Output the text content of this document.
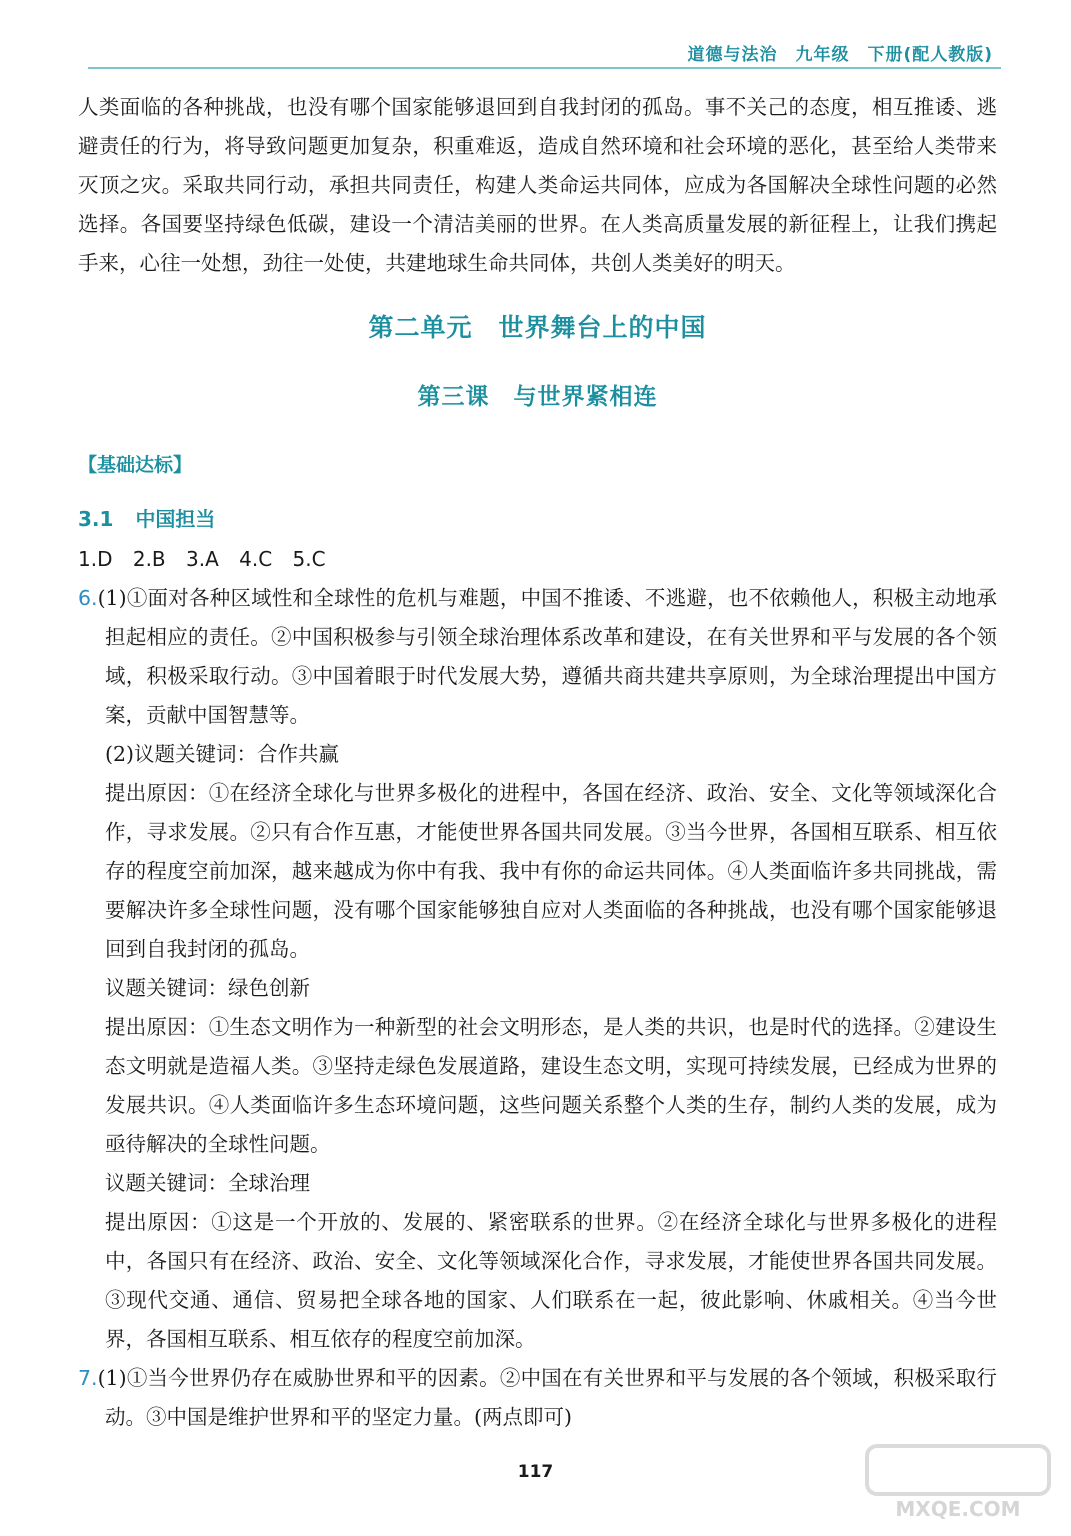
道德与法治　九年级　下册(配人教版)

人类面临的各种挑战，也没有哪个国家能够退回到自我封闭的孤岛。事不关己的态度，相互推诿、逃避责任的行为，将导致问题更加复杂，积重难返，造成自然环境和社会环境的恶化，甚至给人类带来灭顶之灾。采取共同行动，承担共同责任，构建人类命运共同体，应成为各国解决全球性问题的必然选择。各国要坚持绿色低碳，建设一个清洁美丽的世界。在人类高质量发展的新征程上，让我们携起手来，心往一处想，劲往一处使，共建地球生命共同体，共创人类美好的明天。

第二单元　世界舞台上的中国
第三课　与世界紧相连
【基础达标】
3.1 中国担当
1.D 2.B 3.A 4.C 5.C

6.(1)①面对各种区域性和全球性的危机与难题，中国不推诿、不逃避，也不依赖他人，积极主动地承担起相应的责任。②中国积极参与引领全球治理体系改革和建设，在有关世界和平与发展的各个领域，积极采取行动。③中国着眼于时代发展大势，遵循共商共建共享原则，为全球治理提出中国方案，贡献中国智慧等。

(2)议题关键词：合作共赢

提出原因：①在经济全球化与世界多极化的进程中，各国在经济、政治、安全、文化等领域深化合作，寻求发展。②只有合作互惠，才能使世界各国共同发展。③当今世界，各国相互联系、相互依存的程度空前加深，越来越成为你中有我、我中有你的命运共同体。④人类面临许多共同挑战，需要解决许多全球性问题，没有哪个国家能够独自应对人类面临的各种挑战，也没有哪个国家能够退回到自我封闭的孤岛。

议题关键词：绿色创新

提出原因：①生态文明作为一种新型的社会文明形态，是人类的共识，也是时代的选择。②建设生态文明就是造福人类。③坚持走绿色发展道路，建设生态文明，实现可持续发展，已经成为世界的发展共识。④人类面临许多生态环境问题，这些问题关系整个人类的生存，制约人类的发展，成为亟待解决的全球性问题。

议题关键词：全球治理

提出原因：①这是一个开放的、发展的、紧密联系的世界。②在经济全球化与世界多极化的进程中，各国只有在经济、政治、安全、文化等领域深化合作，寻求发展，才能使世界各国共同发展。③现代交通、通信、贸易把全球各地的国家、人们联系在一起，彼此影响、休戚相关。④当今世界，各国相互联系、相互依存的程度空前加深。

7.(1)①当今世界仍存在威胁世界和平的因素。②中国在有关世界和平与发展的各个领域，积极采取行动。③中国是维护世界和平的坚定力量。(两点即可)

117
MXQE.COM
